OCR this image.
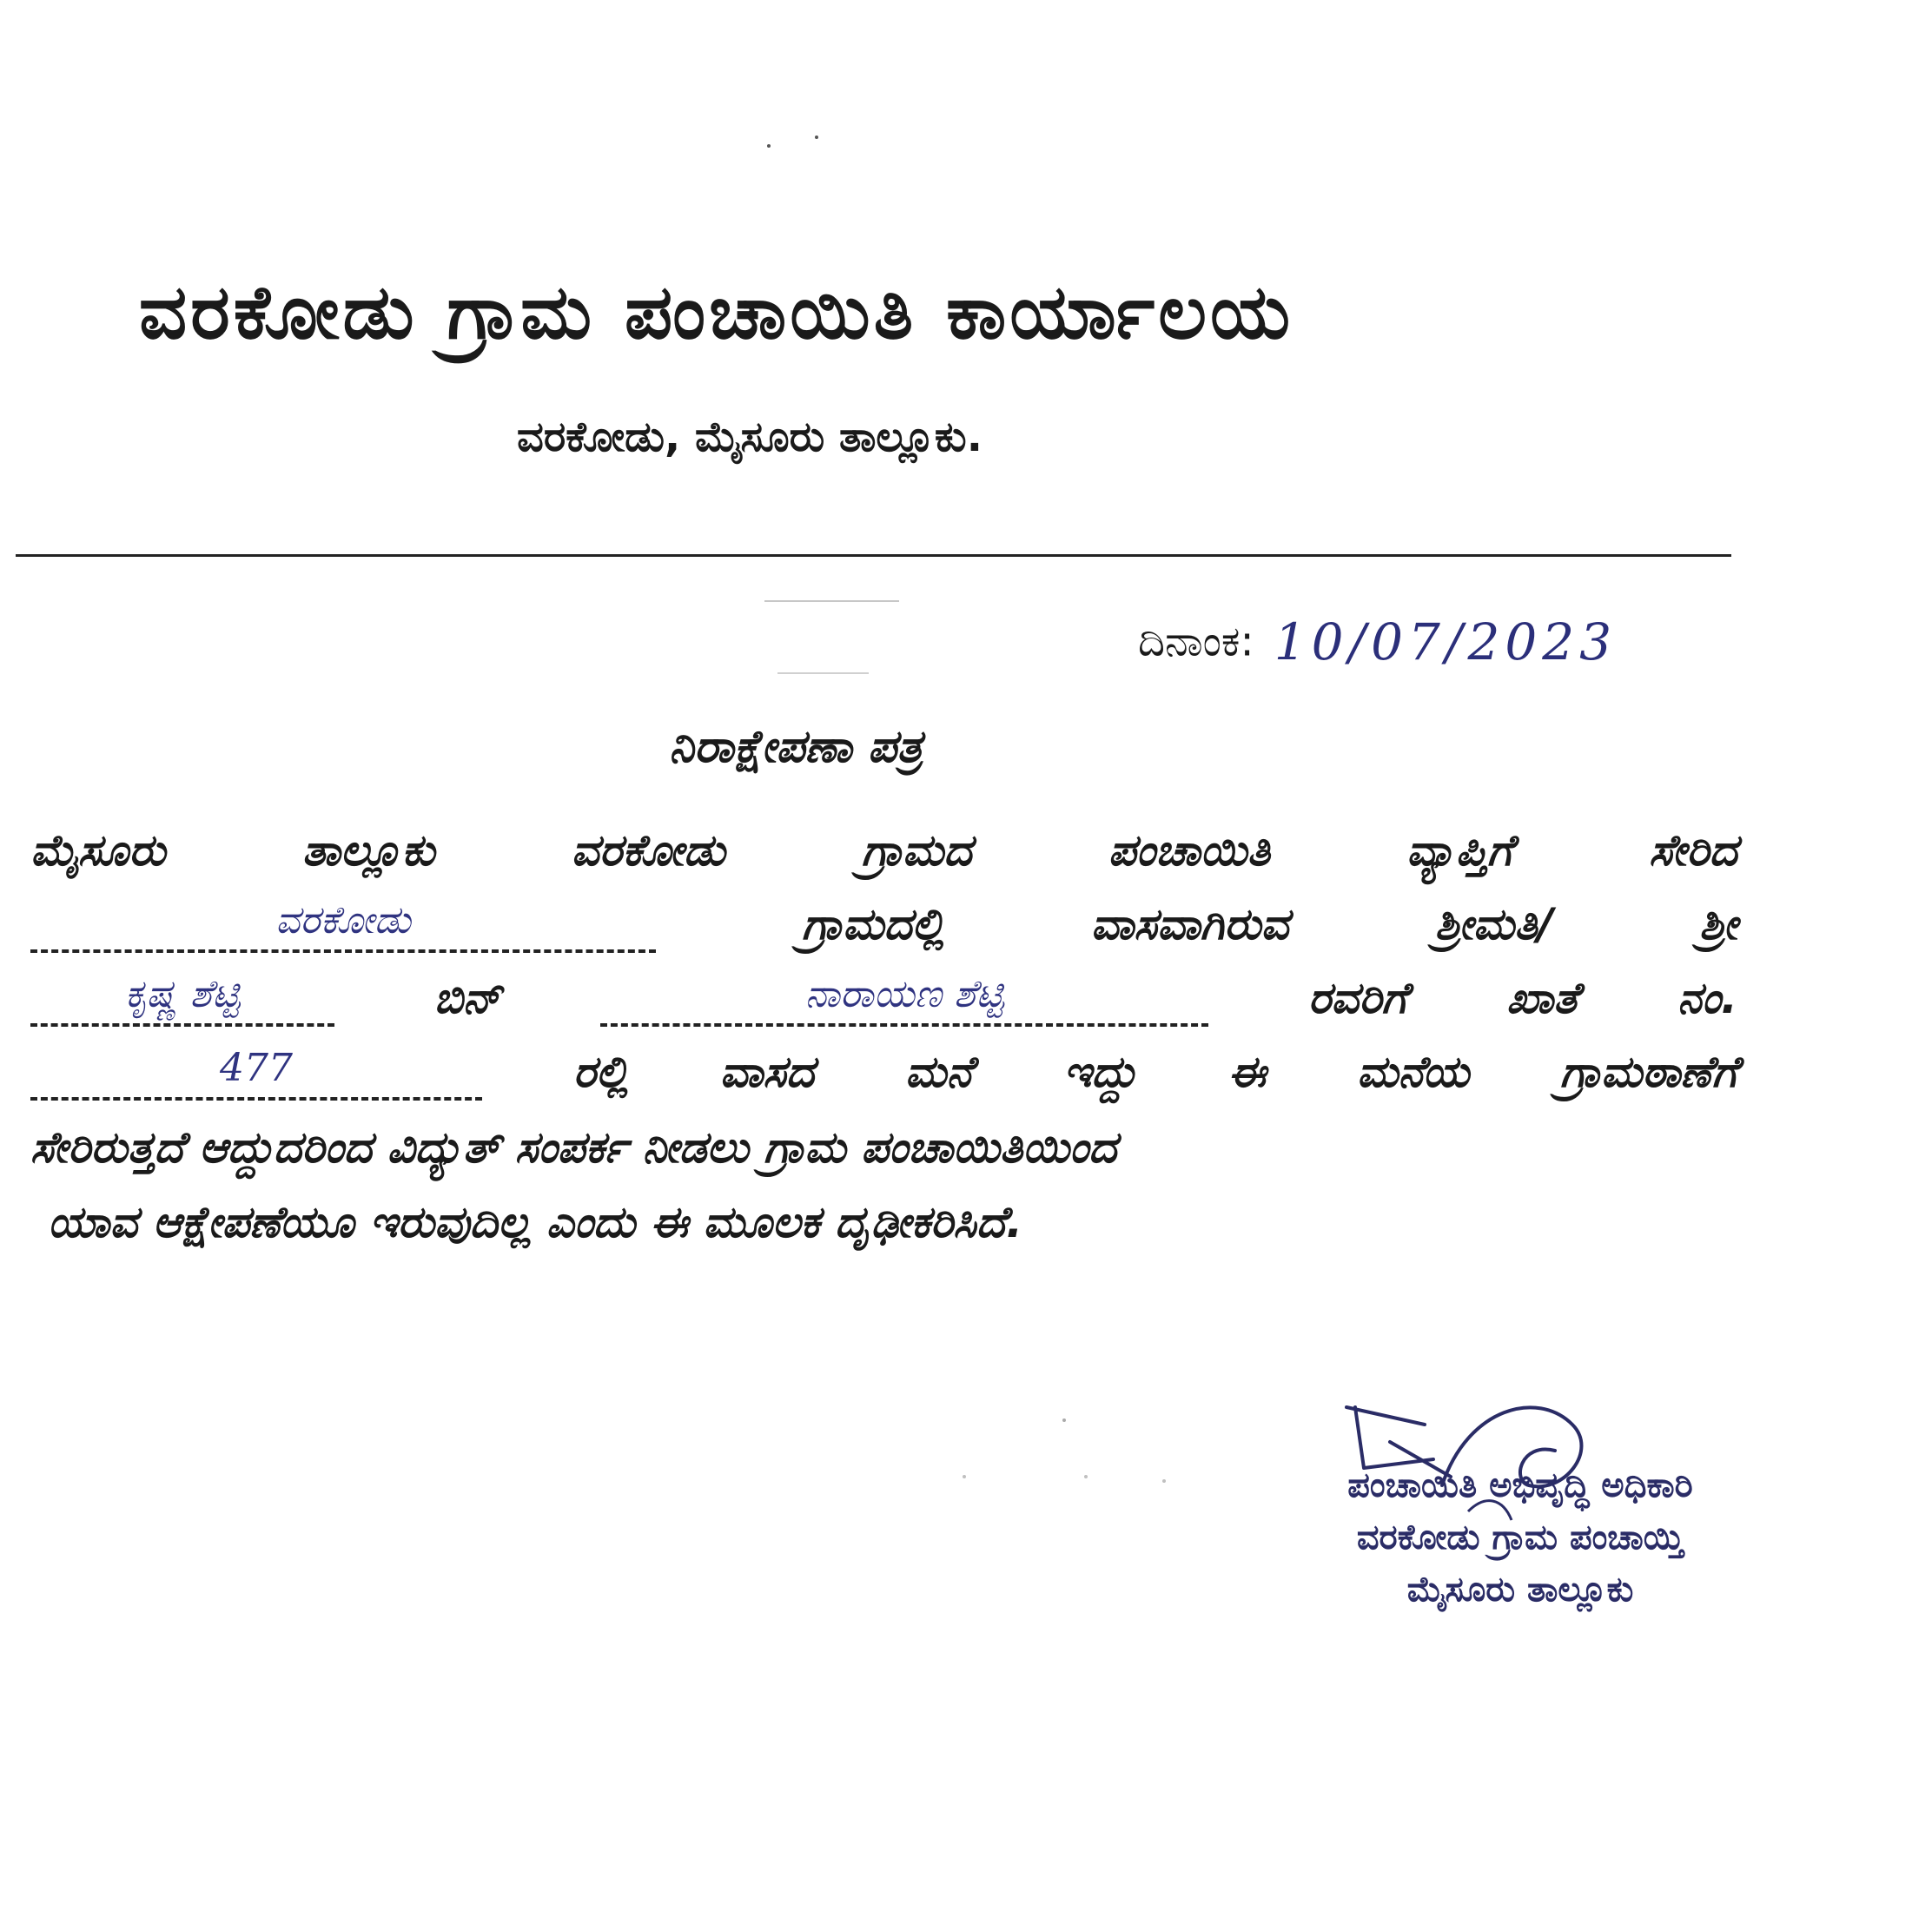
ವರಕೋಡು ಗ್ರಾಮ ಪಂಚಾಯಿತಿ ಕಾರ್ಯಾಲಯ
ವರಕೋಡು, ಮೈಸೂರು ತಾಲ್ಲೂಕು.
ದಿನಾಂಕ: 10/07/2023
ನಿರಾಕ್ಷೇಪಣಾ ಪತ್ರ
ಮೈಸೂರು	ತಾಲ್ಲೂಕು	ವರಕೋಡು	ಗ್ರಾಮದ	ಪಂಚಾಯಿತಿ	ವ್ಯಾಪ್ತಿಗೆ	ಸೇರಿದ
ವರಕೋಡು	ಗ್ರಾಮದಲ್ಲಿ	ವಾಸವಾಗಿರುವ	ಶ್ರೀಮತಿ/	ಶ್ರೀ
ಕೃಷ್ಣ ಶೆಟ್ಟಿ	ಬಿನ್	ನಾರಾಯಣ ಶೆಟ್ಟಿ	ರವರಿಗೆ ಖಾತೆ ನಂ.
477	ರಲ್ಲಿ ವಾಸದ ಮನೆ ಇದ್ದು ಈ ಮನೆಯ ಗ್ರಾಮಠಾಣೆಗೆ
ಸೇರಿರುತ್ತದೆ ಆದ್ದುದರಿಂದ ವಿದ್ಯುತ್ ಸಂಪರ್ಕ ನೀಡಲು ಗ್ರಾಮ ಪಂಚಾಯಿತಿಯಿಂದ
ಯಾವ ಆಕ್ಷೇಪಣೆಯೂ ಇರುವುದಿಲ್ಲ ಎಂದು ಈ ಮೂಲಕ ದೃಢೀಕರಿಸಿದೆ.
ಪಂಚಾಯಿತಿ ಅಭಿವೃದ್ಧಿ ಅಧಿಕಾರಿ
ವರಕೋಡು ಗ್ರಾಮ ಪಂಚಾಯ್ತಿ
ಮೈಸೂರು ತಾಲ್ಲೂಕು
